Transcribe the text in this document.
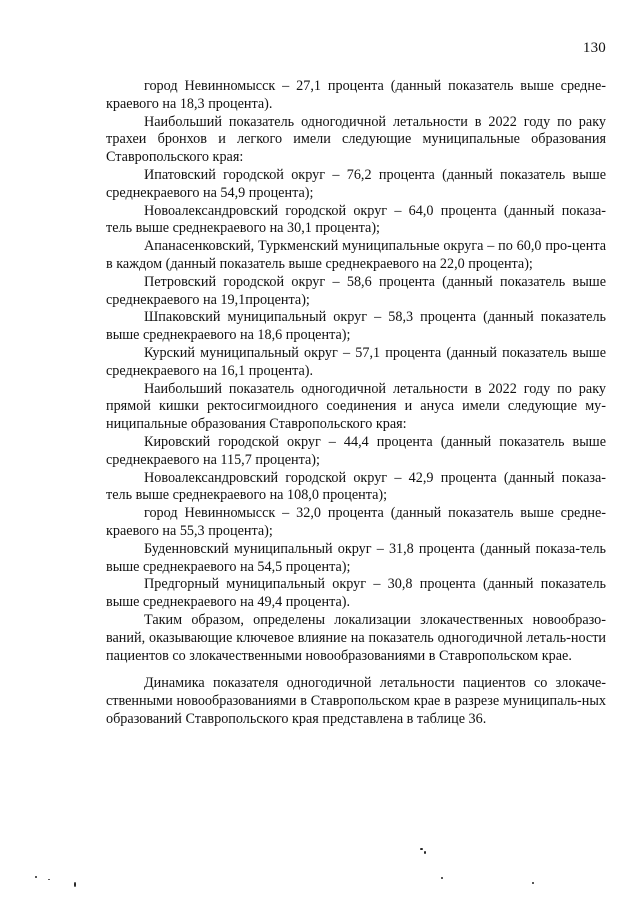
130

город Невинномысск – 27,1 процента (данный показатель выше средне-краевого на 18,3 процента).

Наибольший показатель одногодичной летальности в 2022 году по раку трахеи бронхов и легкого имели следующие муниципальные образования Ставропольского края:

Ипатовский городской округ – 76,2 процента (данный показатель выше среднекраевого на 54,9 процента);

Новоалександровский городской округ – 64,0 процента (данный показа-тель выше среднекраевого на 30,1 процента);

Апанасенковский, Туркменский муниципальные округа – по 60,0 про-цента в каждом (данный показатель выше среднекраевого на 22,0 процента);

Петровский городской округ – 58,6 процента (данный показатель выше среднекраевого на 19,1процента);

Шпаковский муниципальный округ – 58,3 процента (данный показатель выше среднекраевого на 18,6 процента);

Курский муниципальный округ – 57,1 процента (данный показатель выше среднекраевого на 16,1 процента).

Наибольший показатель одногодичной летальности в 2022 году по раку прямой кишки ректосигмоидного соединения и ануса имели следующие му-ниципальные образования Ставропольского края:

Кировский городской округ – 44,4 процента (данный показатель выше среднекраевого на 115,7 процента);

Новоалександровский городской округ – 42,9 процента (данный показа-тель выше среднекраевого на 108,0 процента);

город Невинномысск – 32,0 процента (данный показатель выше средне-краевого на 55,3 процента);

Буденновский муниципальный округ – 31,8 процента (данный показа-тель выше среднекраевого на 54,5 процента);

Предгорный муниципальный округ – 30,8 процента (данный показатель выше среднекраевого на 49,4 процента).

Таким образом, определены локализации злокачественных новообразо-ваний, оказывающие ключевое влияние на показатель одногодичной леталь-ности пациентов со злокачественными новообразованиями в Ставропольском крае.

Динамика показателя одногодичной летальности пациентов со злокаче-ственными новообразованиями в Ставропольском крае в разрезе муниципаль-ных образований Ставропольского края представлена в таблице 36.
